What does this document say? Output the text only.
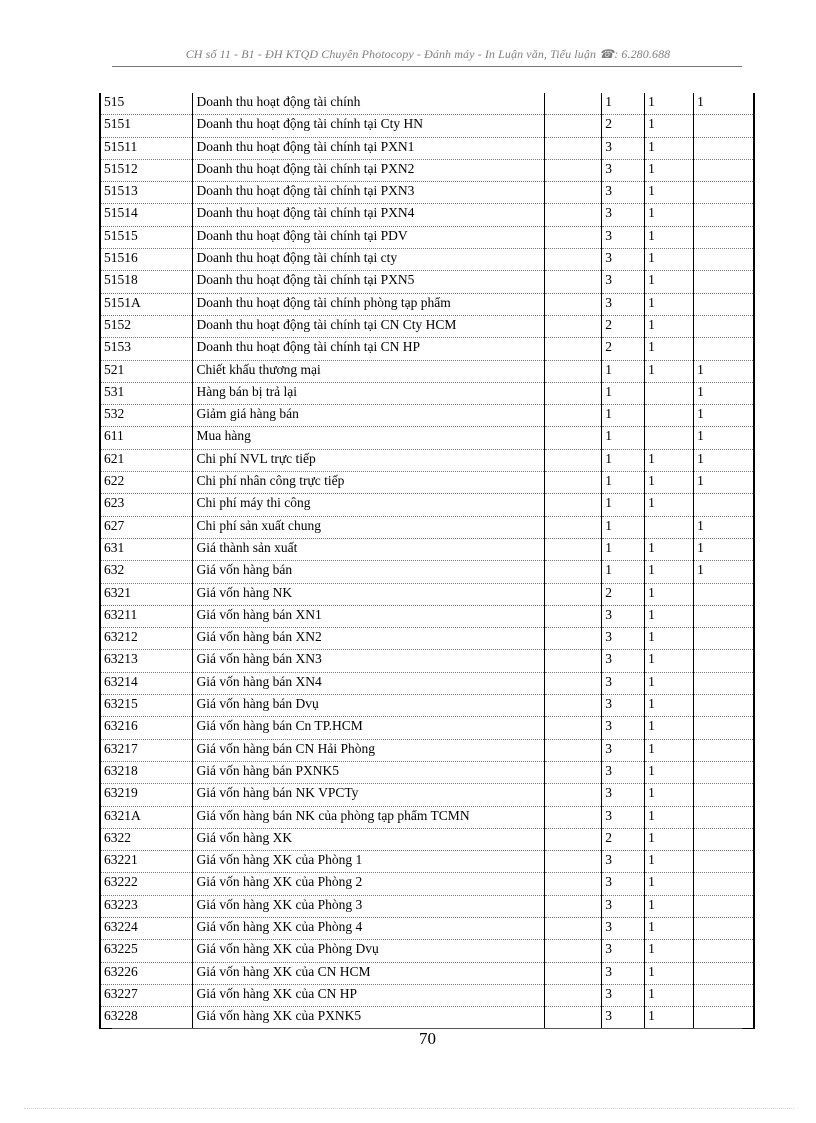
CH số 11 - B1 - ĐH KTQD Chuyên Photocopy - Đánh máy - In Luận văn, Tiểu luận ☎: 6.280.688
515	Doanh thu hoạt động tài chính		1	1	1
5151	Doanh thu hoạt động tài chính tại Cty HN		2	1	
51511	Doanh thu hoạt động tài chính tại PXN1		3	1	
51512	Doanh thu hoạt động tài chính tại PXN2		3	1	
51513	Doanh thu hoạt động tài chính tại PXN3		3	1	
51514	Doanh thu hoạt động tài chính tại PXN4		3	1	
51515	Doanh thu hoạt động tài chính tại PDV		3	1	
51516	Doanh thu hoạt động tài chính tại cty		3	1	
51518	Doanh thu hoạt động tài chính tại PXN5		3	1	
5151A	Doanh thu hoạt động tài chính phòng tạp phẩm		3	1	
5152	Doanh thu hoạt động tài chính tại CN Cty HCM		2	1	
5153	Doanh thu hoạt động tài chính tại CN HP		2	1	
521	Chiết khấu thương mại		1	1	1
531	Hàng bán bị trả lại		1		1
532	Giảm giá hàng bán		1		1
611	Mua hàng		1		1
621	Chi phí NVL trực tiếp		1	1	1
622	Chi phí nhân công trực tiếp		1	1	1
623	Chi phí máy thi công		1	1	
627	Chi phí sản xuất chung		1		1
631	Giá thành sản xuất		1	1	1
632	Giá vốn hàng bán		1	1	1
6321	Giá vốn hàng NK		2	1	
63211	Giá vốn hàng bán XN1		3	1	
63212	Giá vốn hàng bán XN2		3	1	
63213	Giá vốn hàng bán XN3		3	1	
63214	Giá vốn hàng bán XN4		3	1	
63215	Giá vốn hàng bán Dvụ		3	1	
63216	Giá vốn hàng bán Cn TP.HCM		3	1	
63217	Giá vốn hàng bán CN Hải Phòng		3	1	
63218	Giá vốn hàng bán PXNK5		3	1	
63219	Giá vốn hàng bán NK VPCTy		3	1	
6321A	Giá vốn hàng bán NK của phòng tạp phẩm TCMN		3	1	
6322	Giá vốn hàng XK		2	1	
63221	Giá vốn hàng XK của Phòng 1		3	1	
63222	Giá vốn hàng XK của Phòng 2		3	1	
63223	Giá vốn hàng XK của Phòng 3		3	1	
63224	Giá vốn hàng XK của Phòng 4		3	1	
63225	Giá vốn hàng XK của Phòng Dvụ		3	1	
63226	Giá vốn hàng XK của CN HCM		3	1	
63227	Giá vốn hàng XK của CN HP		3	1	
63228	Giá vốn hàng XK của PXNK5		3	1	
70
